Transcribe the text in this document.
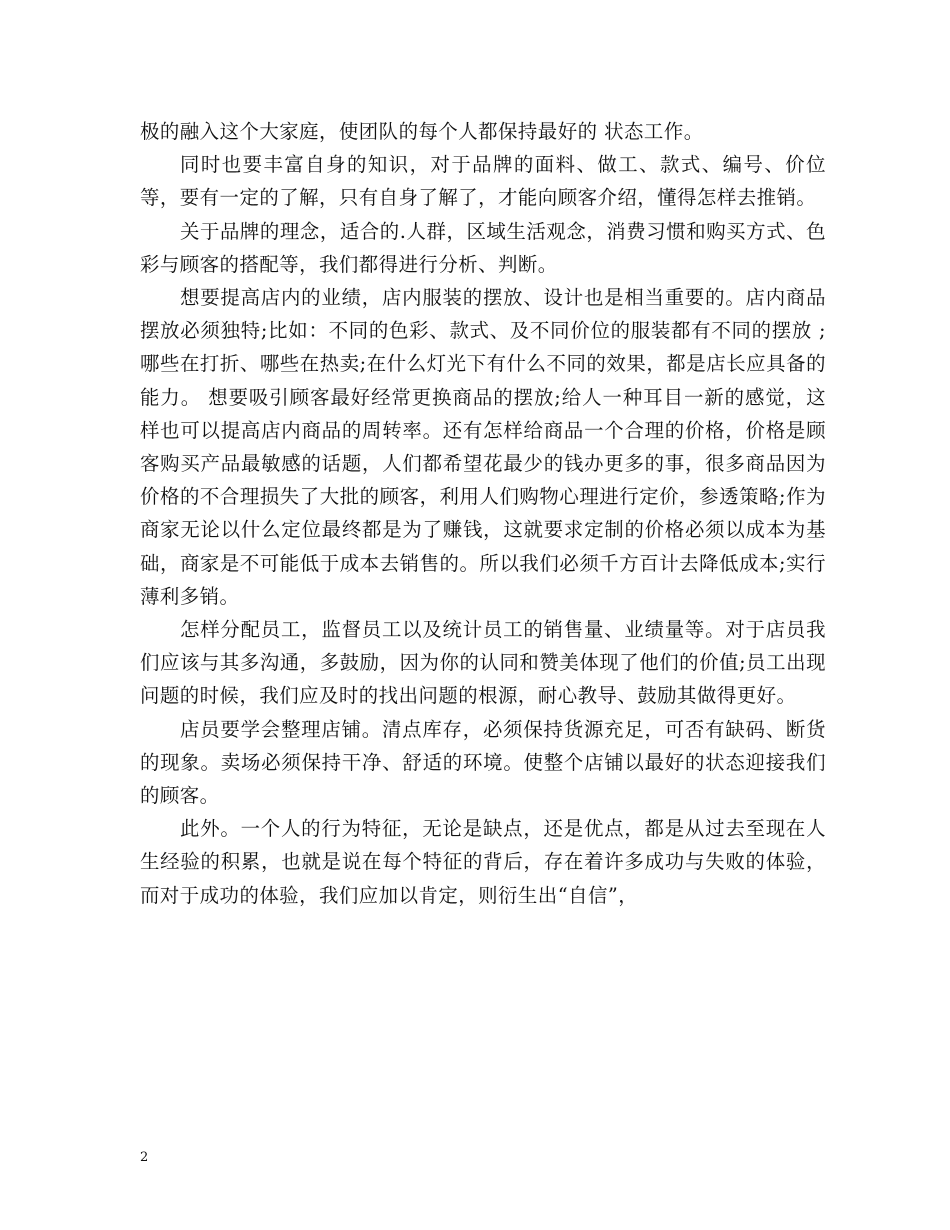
极的融入这个大家庭，使团队的每个人都保持最好的 状态工作。

同时也要丰富自身的知识，对于品牌的面料、做工、款式、编号、价位等，要有一定的了解，只有自身了解了，才能向顾客介绍，懂得怎样去推销。

关于品牌的理念，适合的.人群，区域生活观念，消费习惯和购买方式、色彩与顾客的搭配等，我们都得进行分析、判断。

想要提高店内的业绩，店内服装的摆放、设计也是相当重要的。店内商品摆放必须独特;比如：不同的色彩、款式、及不同价位的服装都有不同的摆放 ;哪些在打折、哪些在热卖;在什么灯光下有什么不同的效果，都是店长应具备的能力。 想要吸引顾客最好经常更换商品的摆放;给人一种耳目一新的感觉，这样也可以提高店内商品的周转率。还有怎样给商品一个合理的价格，价格是顾客购买产品最敏感的话题，人们都希望花最少的钱办更多的事，很多商品因为价格的不合理损失了大批的顾客，利用人们购物心理进行定价，参透策略;作为商家无论以什么定位最终都是为了赚钱，这就要求定制的价格必须以成本为基础，商家是不可能低于成本去销售的。所以我们必须千方百计去降低成本;实行薄利多销。

怎样分配员工，监督员工以及统计员工的销售量、业绩量等。对于店员我们应该与其多沟通，多鼓励，因为你的认同和赞美体现了他们的价值;员工出现问题的时候，我们应及时的找出问题的根源，耐心教导、鼓励其做得更好。

店员要学会整理店铺。清点库存，必须保持货源充足，可否有缺码、断货的现象。卖场必须保持干净、舒适的环境。使整个店铺以最好的状态迎接我们的顾客。

此外。一个人的行为特征，无论是缺点，还是优点，都是从过去至现在人生经验的积累，也就是说在每个特征的背后，存在着许多成功与失败的体验，而对于成功的体验，我们应加以肯定，则衍生出“自信”，

2
